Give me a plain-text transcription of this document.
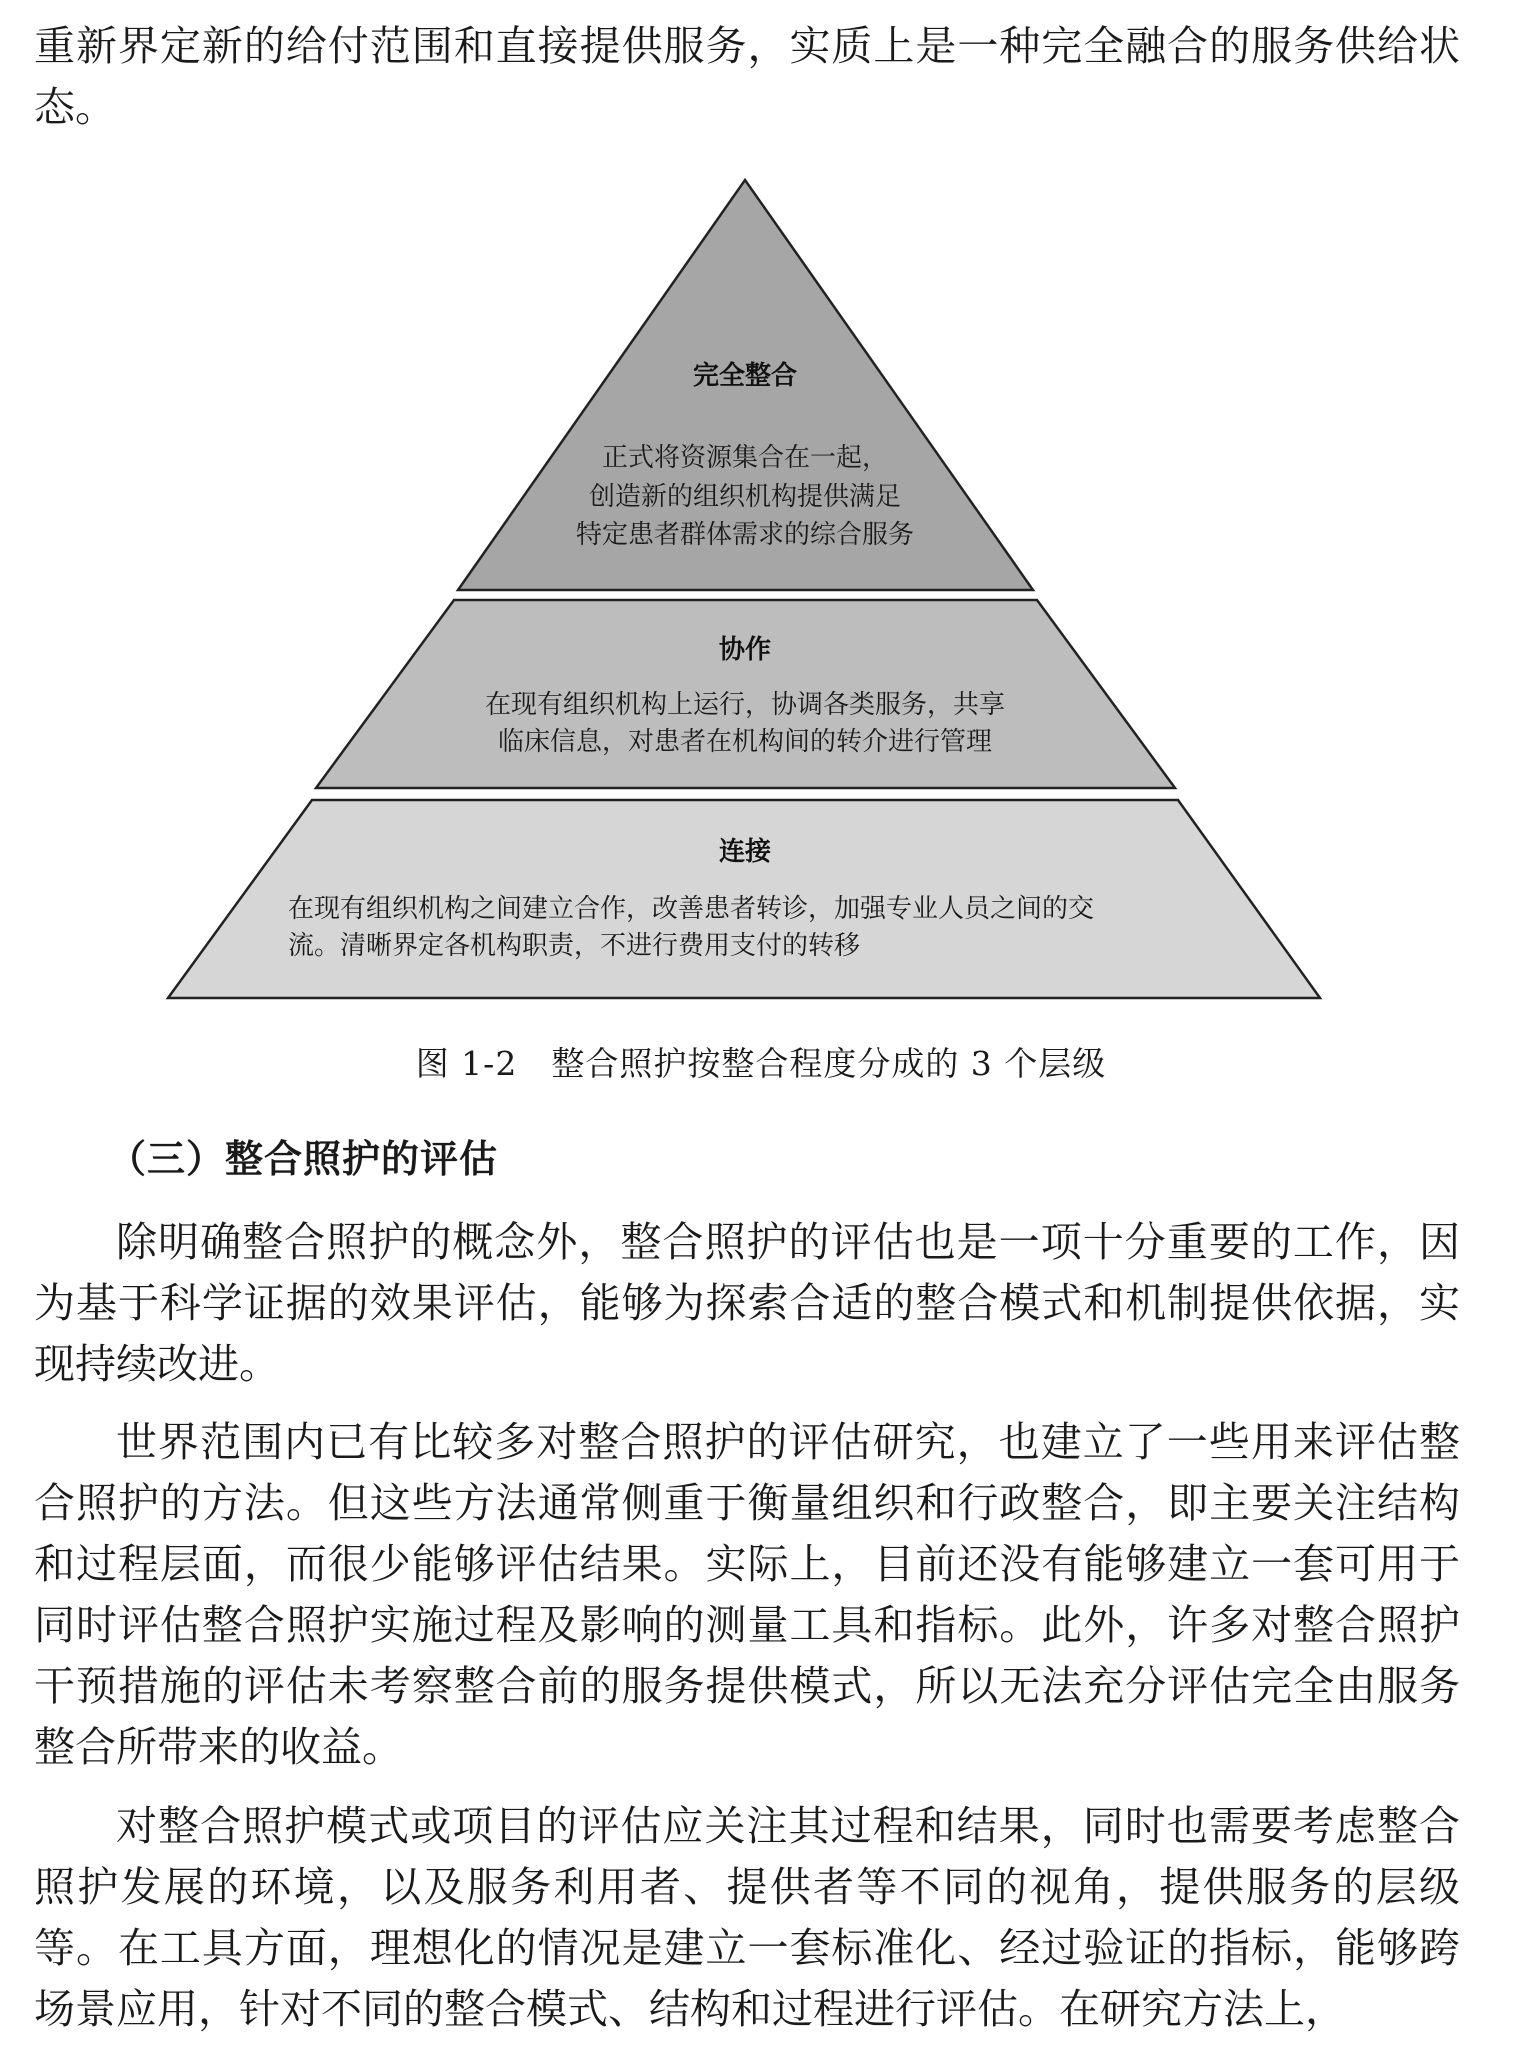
重新界定新的给付范围和直接提供服务，实质上是一种完全融合的服务供给状态。

完全整合
正式将资源集合在一起，
创造新的组织机构提供满足
特定患者群体需求的综合服务
协作
在现有组织机构上运行，协调各类服务，共享
临床信息，对患者在机构间的转介进行管理
连接
在现有组织机构之间建立合作，改善患者转诊，加强专业人员之间的交
流。清晰界定各机构职责，不进行费用支付的转移
图 1-2　整合照护按整合程度分成的 3 个层级
（三）整合照护的评估

除明确整合照护的概念外，整合照护的评估也是一项十分重要的工作，因为基于科学证据的效果评估，能够为探索合适的整合模式和机制提供依据，实现持续改进。

世界范围内已有比较多对整合照护的评估研究，也建立了一些用来评估整合照护的方法。但这些方法通常侧重于衡量组织和行政整合，即主要关注结构和过程层面，而很少能够评估结果。实际上，目前还没有能够建立一套可用于同时评估整合照护实施过程及影响的测量工具和指标。此外，许多对整合照护干预措施的评估未考察整合前的服务提供模式，所以无法充分评估完全由服务整合所带来的收益。

对整合照护模式或项目的评估应关注其过程和结果，同时也需要考虑整合照护发展的环境，以及服务利用者、提供者等不同的视角，提供服务的层级等。在工具方面，理想化的情况是建立一套标准化、经过验证的指标，能够跨场景应用，针对不同的整合模式、结构和过程进行评估。在研究方法上，
